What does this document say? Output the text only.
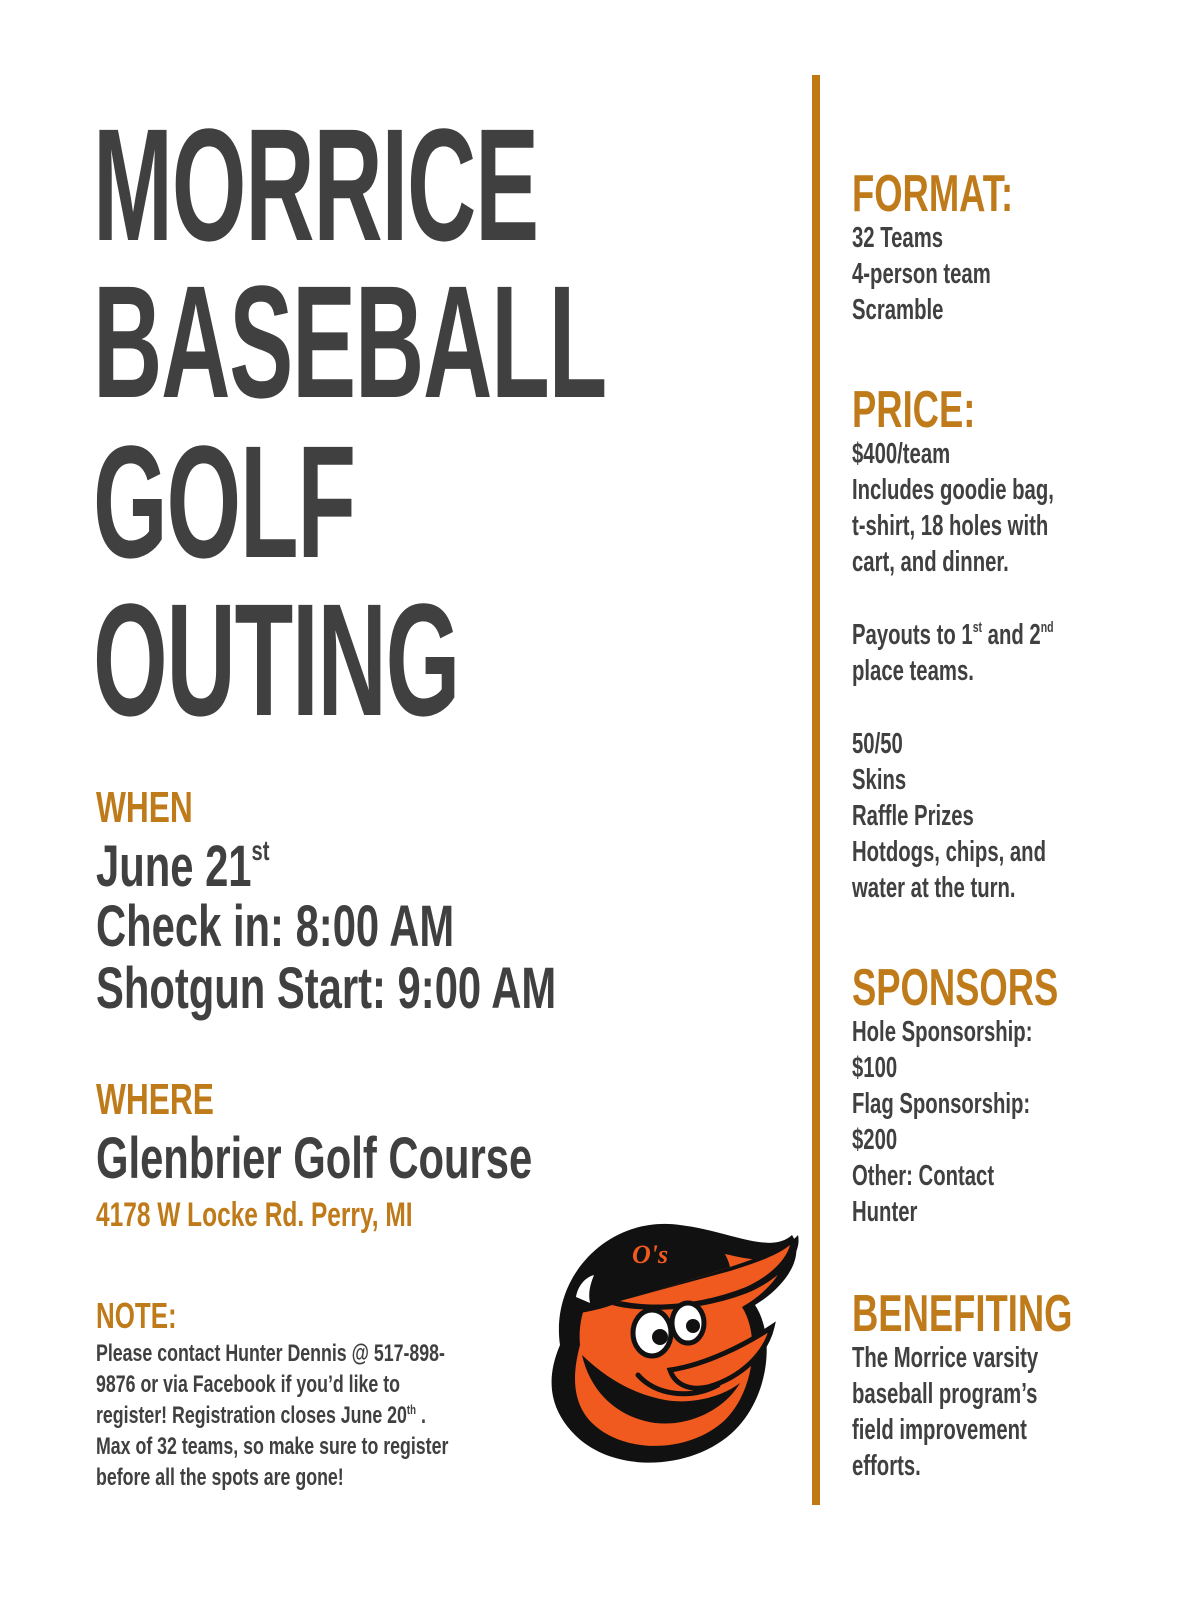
MORRICE
BASEBALL
GOLF
OUTING
WHEN
June 21st
Check in: 8:00 AM
Shotgun Start: 9:00 AM
WHERE
Glenbrier Golf Course
4178 W Locke Rd. Perry, MI
NOTE:
Please contact Hunter Dennis @ 517-898-
9876 or via Facebook if you’d like to
register! Registration closes June 20th .
Max of 32 teams, so make sure to register
before all the spots are gone!
O's
FORMAT:
32 Teams
4-person team
Scramble
PRICE:
$400/team
Includes goodie bag,
t-shirt, 18 holes with
cart, and dinner.
Payouts to 1st and 2nd
place teams.
50/50
Skins
Raffle Prizes
Hotdogs, chips, and
water at the turn.
SPONSORS
Hole Sponsorship:
$100
Flag Sponsorship:
$200
Other: Contact
Hunter
BENEFITING
The Morrice varsity
baseball program’s
field improvement
efforts.
